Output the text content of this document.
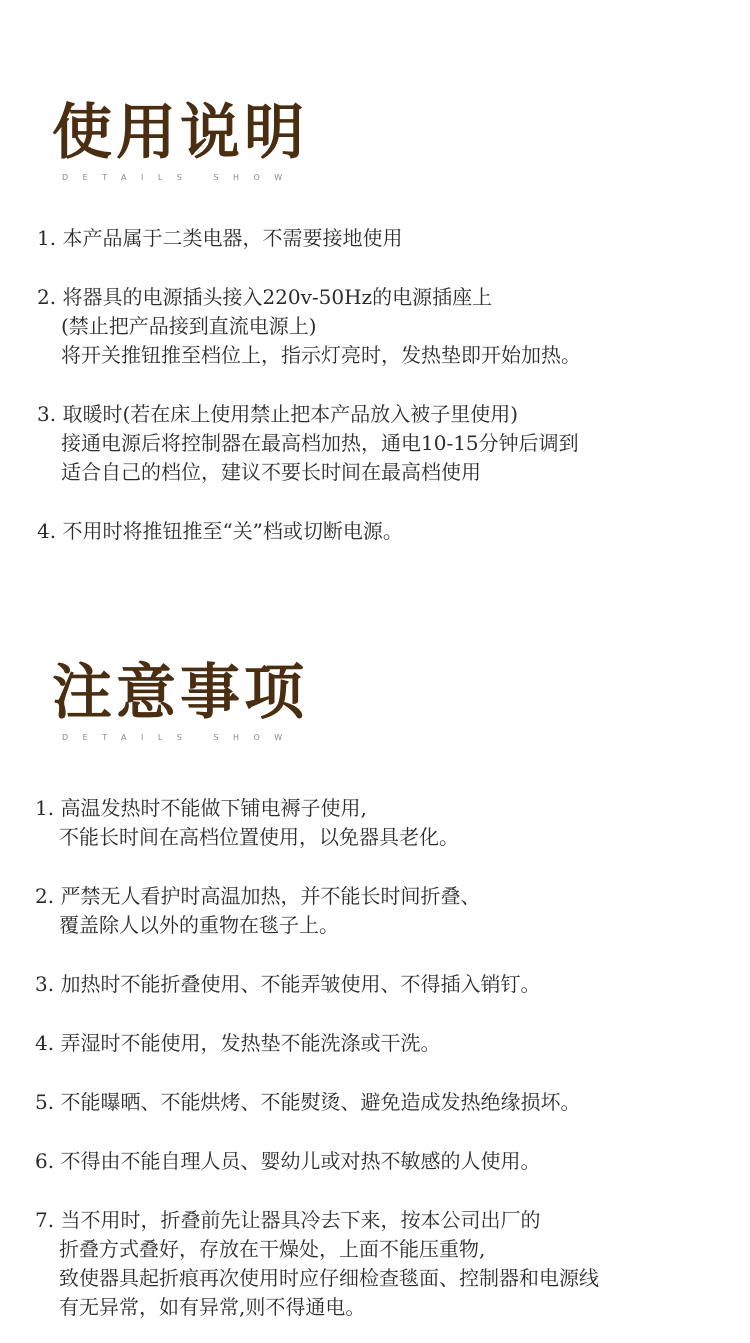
使用说明
DETAILS SHOW
1. 本产品属于二类电器，不需要接地使用
2. 将器具的电源插头接入220v-50Hz的电源插座上
(禁止把产品接到直流电源上)
将开关推钮推至档位上，指示灯亮时，发热垫即开始加热。
3. 取暖时(若在床上使用禁止把本产品放入被子里使用)
接通电源后将控制器在最高档加热，通电10-15分钟后调到
适合自己的档位，建议不要长时间在最高档使用
4. 不用时将推钮推至“关”档或切断电源。
注意事项
DETAILS SHOW
1. 高温发热时不能做下铺电褥子使用,
不能长时间在高档位置使用，以免器具老化。
2. 严禁无人看护时高温加热，并不能长时间折叠、
覆盖除人以外的重物在毯子上。
3. 加热时不能折叠使用、不能弄皱使用、不得插入销钉。
4. 弄湿时不能使用，发热垫不能洗涤或干洗。
5. 不能曝晒、不能烘烤、不能熨烫、避免造成发热绝缘损坏。
6. 不得由不能自理人员、婴幼儿或对热不敏感的人使用。
7. 当不用时，折叠前先让器具冷去下来，按本公司出厂的
折叠方式叠好，存放在干燥处，上面不能压重物,
致使器具起折痕再次使用时应仔细检查毯面、控制器和电源线
有无异常，如有异常,则不得通电。
